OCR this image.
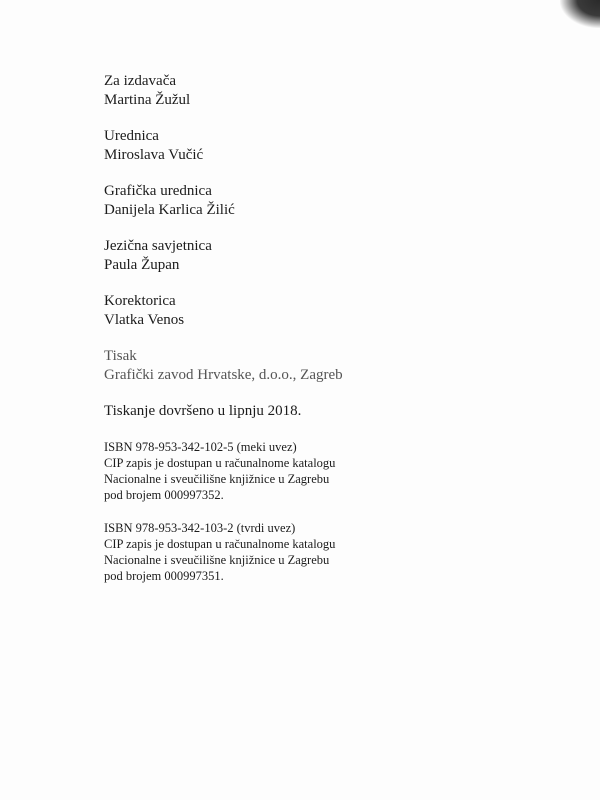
Za izdavača
Martina Žužul
Urednica
Miroslava Vučić
Grafička urednica
Danijela Karlica Žilić
Jezična savjetnica
Paula Župan
Korektorica
Vlatka Venos
Tisak
Grafički zavod Hrvatske, d.o.o., Zagreb
Tiskanje dovršeno u lipnju 2018.
ISBN 978-953-342-102-5 (meki uvez)
CIP zapis je dostupan u računalnome katalogu
Nacionalne i sveučilišne knjižnice u Zagrebu
pod brojem 000997352.
ISBN 978-953-342-103-2 (tvrdi uvez)
CIP zapis je dostupan u računalnome katalogu
Nacionalne i sveučilišne knjižnice u Zagrebu
pod brojem 000997351.
